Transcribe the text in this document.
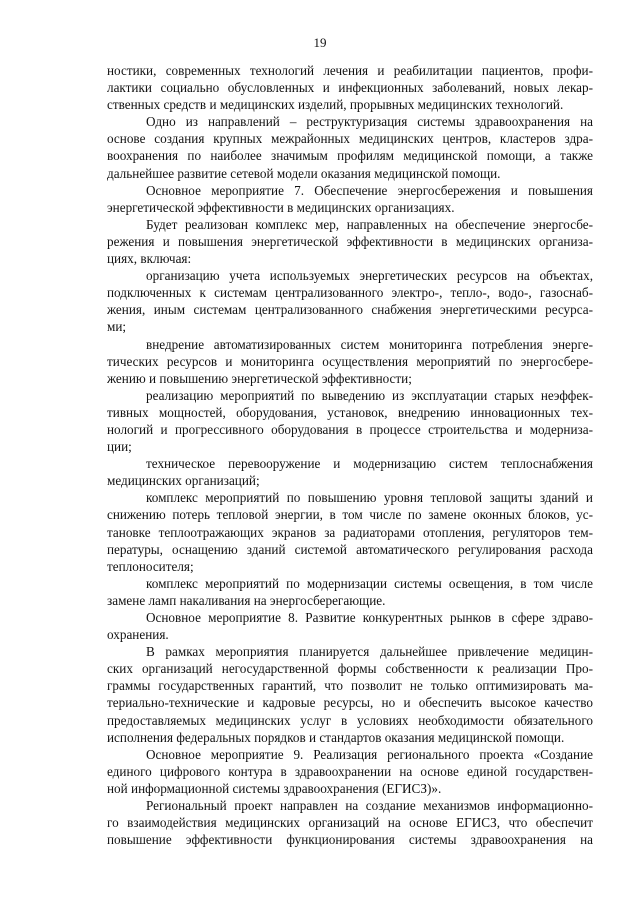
19
ностики, современных технологий лечения и реабилитации пациентов, профи-
лактики социально обусловленных и инфекционных заболеваний, новых лекар-
ственных средств и медицинских изделий, прорывных медицинских технологий.
Одно из направлений – реструктуризация системы здравоохранения на
основе создания крупных межрайонных медицинских центров, кластеров здра-
воохранения по наиболее значимым профилям медицинской помощи, а также
дальнейшее развитие сетевой модели оказания медицинской помощи.
Основное мероприятие 7. Обеспечение энергосбережения и повышения
энергетической эффективности в медицинских организациях.
Будет реализован комплекс мер, направленных на обеспечение энергосбе-
режения и повышения энергетической эффективности в медицинских организа-
циях, включая:
организацию учета используемых энергетических ресурсов на объектах,
подключенных к системам централизованного электро-, тепло-, водо-, газоснаб-
жения, иным системам централизованного снабжения энергетическими ресурса-
ми;
внедрение автоматизированных систем мониторинга потребления энерге-
тических ресурсов и мониторинга осуществления мероприятий по энергосбере-
жению и повышению энергетической эффективности;
реализацию мероприятий по выведению из эксплуатации старых неэффек-
тивных мощностей, оборудования, установок, внедрению инновационных тех-
нологий и прогрессивного оборудования в процессе строительства и модерниза-
ции;
техническое перевооружение и модернизацию систем теплоснабжения
медицинских организаций;
комплекс мероприятий по повышению уровня тепловой защиты зданий и
снижению потерь тепловой энергии, в том числе по замене оконных блоков, ус-
тановке теплоотражающих экранов за радиаторами отопления, регуляторов тем-
пературы, оснащению зданий системой автоматического регулирования расхода
теплоносителя;
комплекс мероприятий по модернизации системы освещения, в том числе
замене ламп накаливания на энергосберегающие.
Основное мероприятие 8. Развитие конкурентных рынков в сфере здраво-
охранения.
В рамках мероприятия планируется дальнейшее привлечение медицин-
ских организаций негосударственной формы собственности к реализации Про-
граммы государственных гарантий, что позволит не только оптимизировать ма-
териально-технические и кадровые ресурсы, но и обеспечить высокое качество
предоставляемых медицинских услуг в условиях необходимости обязательного
исполнения федеральных порядков и стандартов оказания медицинской помощи.
Основное мероприятие 9. Реализация регионального проекта «Создание
единого цифрового контура в здравоохранении на основе единой государствен-
ной информационной системы здравоохранения (ЕГИСЗ)».
Региональный проект направлен на создание механизмов информационно-
го взаимодействия медицинских организаций на основе ЕГИСЗ, что обеспечит
повышение эффективности функционирования системы здравоохранения на
